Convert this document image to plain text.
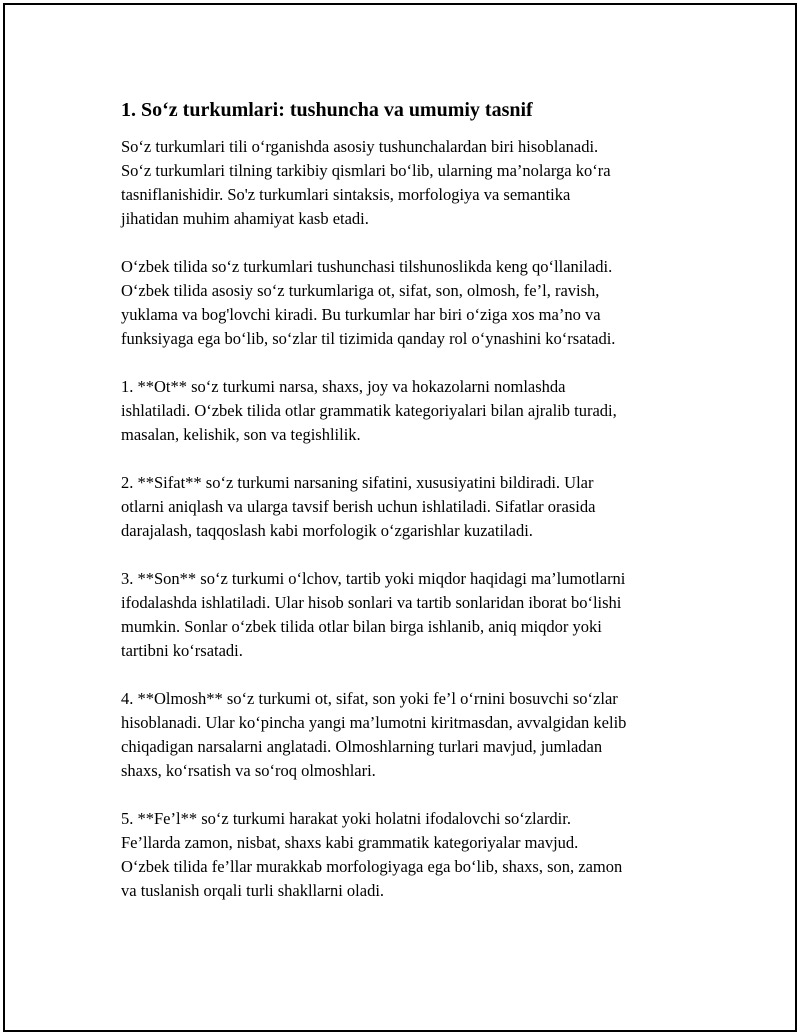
1. So‘z turkumlari: tushuncha va umumiy tasnif

So‘z turkumlari tili o‘rganishda asosiy tushunchalardan biri hisoblanadi.
So‘z turkumlari tilning tarkibiy qismlari bo‘lib, ularning ma’nolarga ko‘ra
tasniflanishidir. So'z turkumlari sintaksis, morfologiya va semantika
jihatidan muhim ahamiyat kasb etadi.

O‘zbek tilida so‘z turkumlari tushunchasi tilshunoslikda keng qo‘llaniladi.
O‘zbek tilida asosiy so‘z turkumlariga ot, sifat, son, olmosh, fe’l, ravish,
yuklama va bog'lovchi kiradi. Bu turkumlar har biri o‘ziga xos ma’no va
funksiyaga ega bo‘lib, so‘zlar til tizimida qanday rol o‘ynashini ko‘rsatadi.

1. **Ot** so‘z turkumi narsa, shaxs, joy va hokazolarni nomlashda
ishlatiladi. O‘zbek tilida otlar grammatik kategoriyalari bilan ajralib turadi,
masalan, kelishik, son va tegishlilik.

2. **Sifat** so‘z turkumi narsaning sifatini, xususiyatini bildiradi. Ular
otlarni aniqlash va ularga tavsif berish uchun ishlatiladi. Sifatlar orasida
darajalash, taqqoslash kabi morfologik o‘zgarishlar kuzatiladi.

3. **Son** so‘z turkumi o‘lchov, tartib yoki miqdor haqidagi ma’lumotlarni
ifodalashda ishlatiladi. Ular hisob sonlari va tartib sonlaridan iborat bo‘lishi
mumkin. Sonlar o‘zbek tilida otlar bilan birga ishlanib, aniq miqdor yoki
tartibni ko‘rsatadi.

4. **Olmosh** so‘z turkumi ot, sifat, son yoki fe’l o‘rnini bosuvchi so‘zlar
hisoblanadi. Ular ko‘pincha yangi ma’lumotni kiritmasdan, avvalgidan kelib
chiqadigan narsalarni anglatadi. Olmoshlarning turlari mavjud, jumladan
shaxs, ko‘rsatish va so‘roq olmoshlari.

5. **Fe’l** so‘z turkumi harakat yoki holatni ifodalovchi so‘zlardir.
Fe’llarda zamon, nisbat, shaxs kabi grammatik kategoriyalar mavjud.
O‘zbek tilida fe’llar murakkab morfologiyaga ega bo‘lib, shaxs, son, zamon
va tuslanish orqali turli shakllarni oladi.
